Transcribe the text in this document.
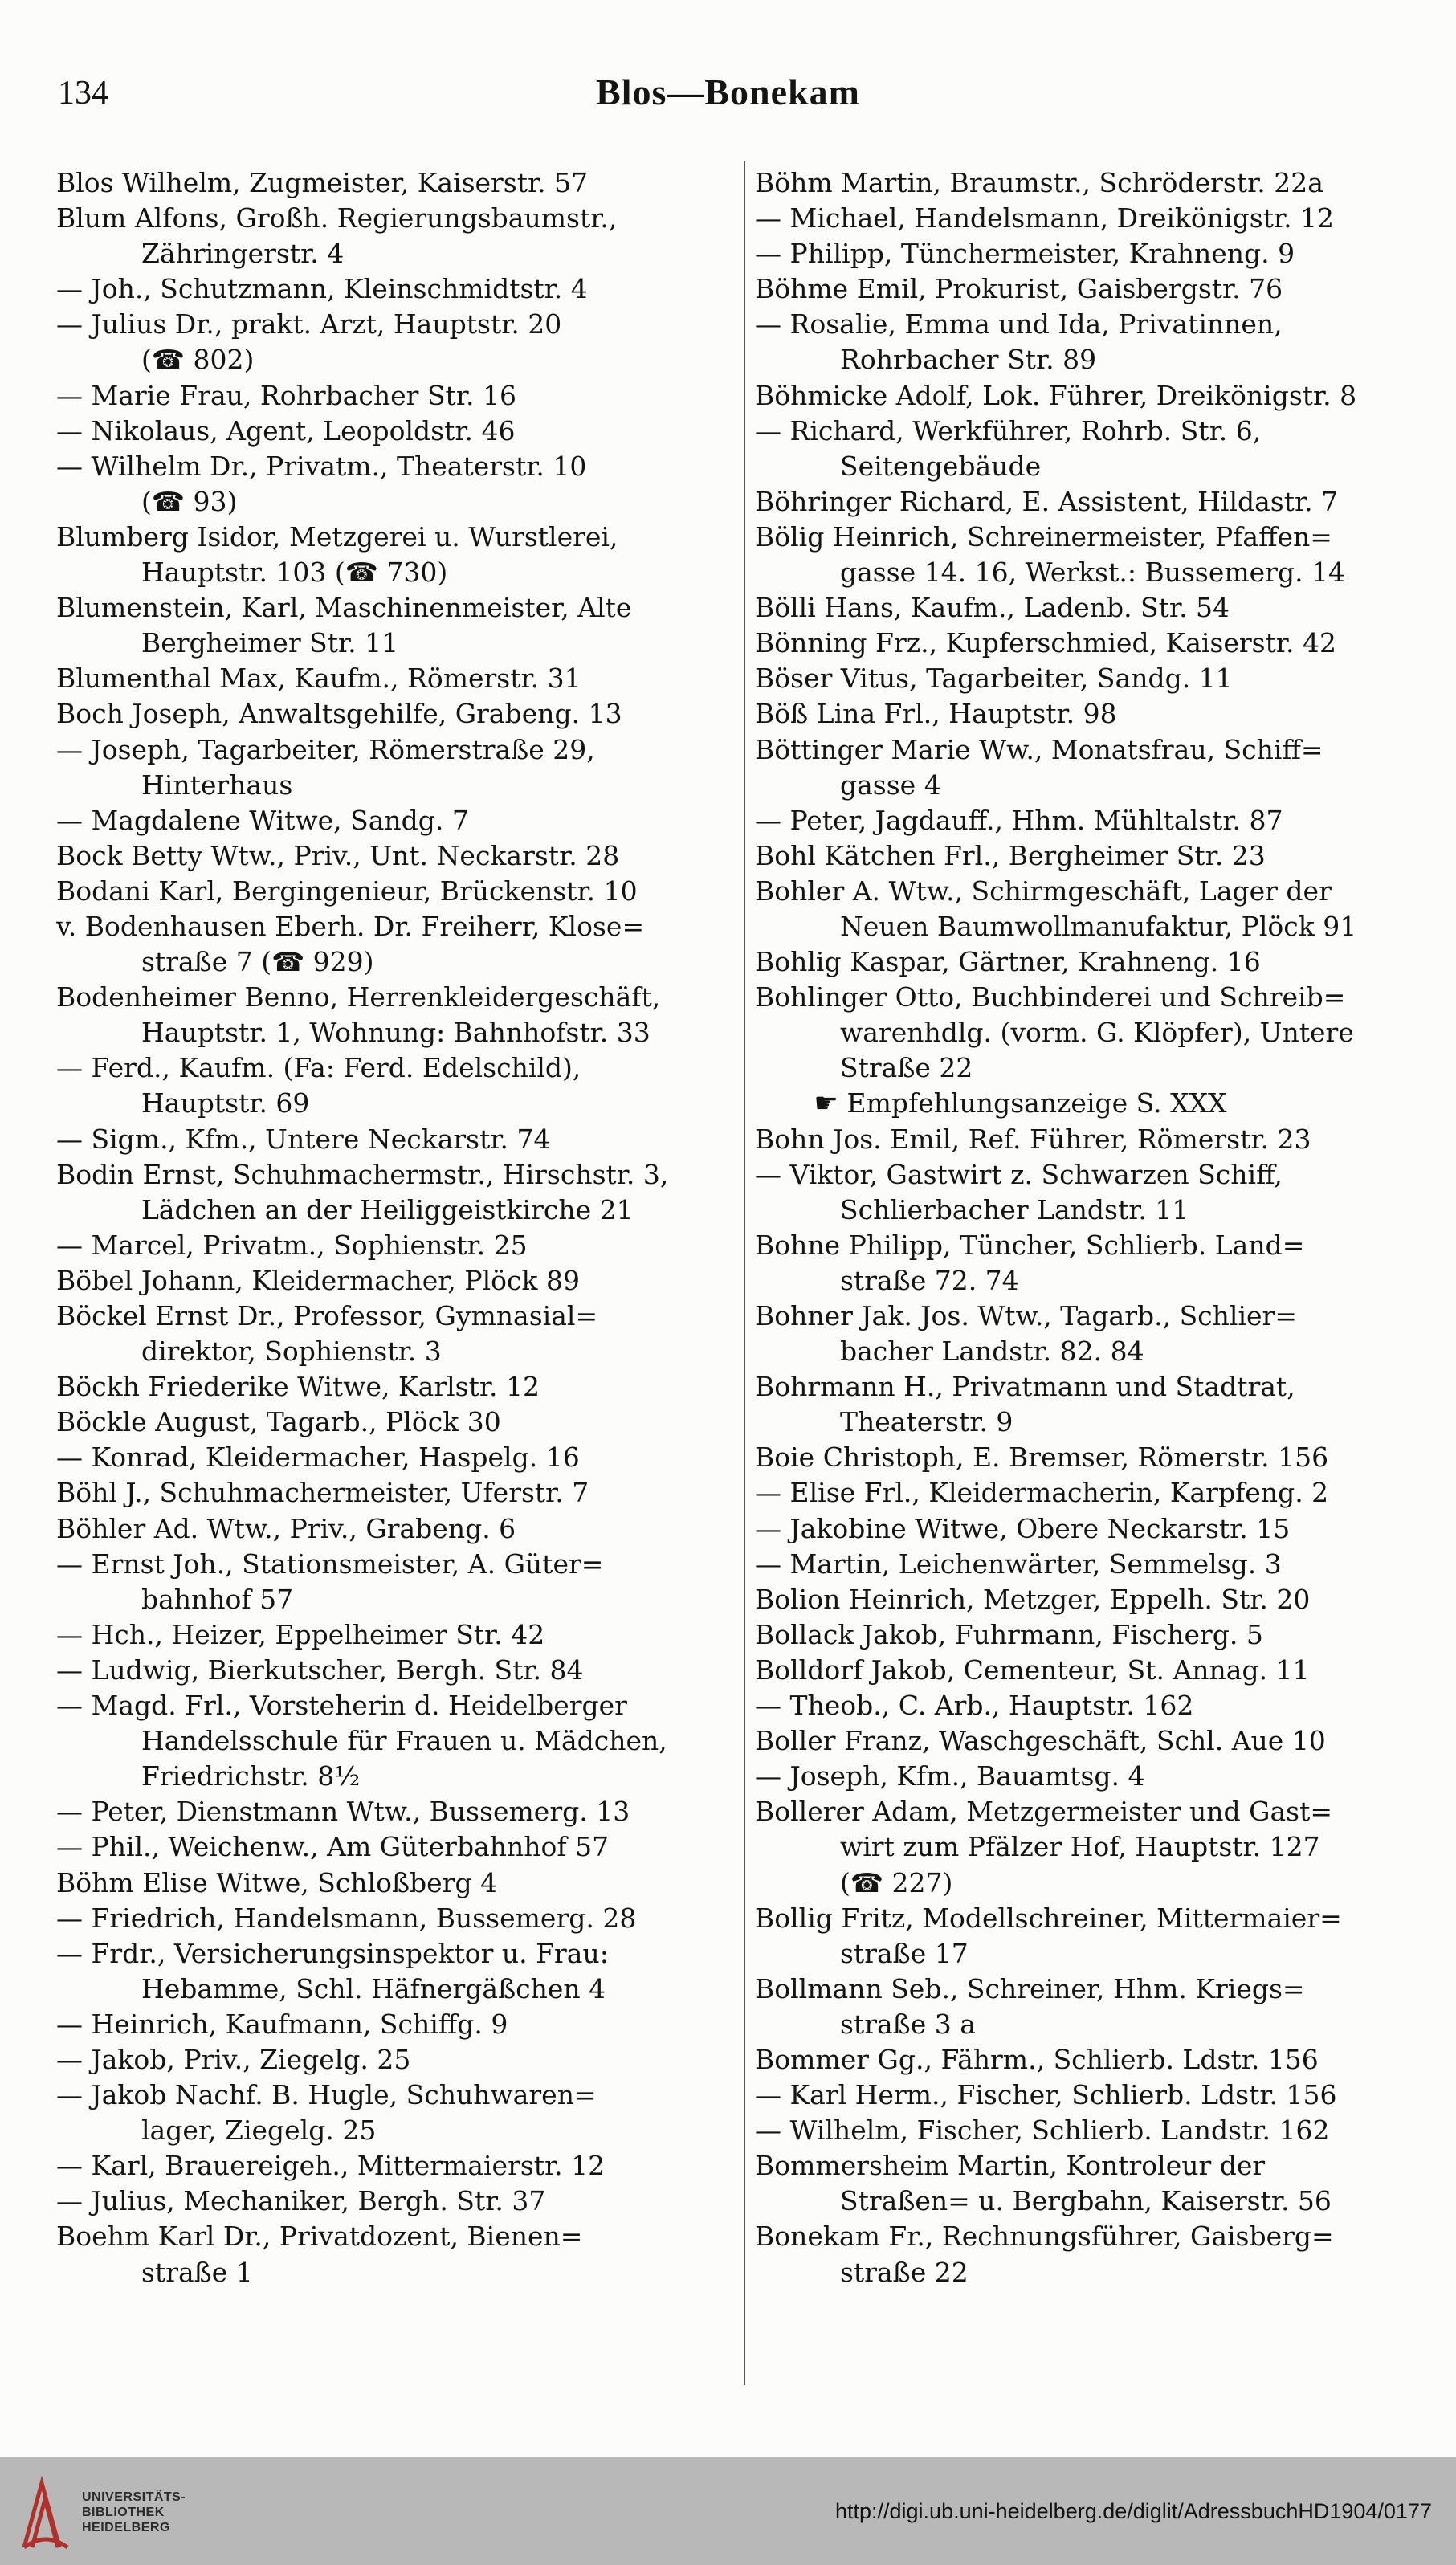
134	Blos—Bonekam
Blos Wilhelm, Zugmeister, Kaiserstr. 57
Blum Alfons, Großh. Regierungsbaumstr.,
Zähringerstr. 4
— Joh., Schutzmann, Kleinschmidtstr. 4
— Julius Dr., prakt. Arzt, Hauptstr. 20
(☎ 802)
— Marie Frau, Rohrbacher Str. 16
— Nikolaus, Agent, Leopoldstr. 46
— Wilhelm Dr., Privatm., Theaterstr. 10
(☎ 93)
Blumberg Isidor, Metzgerei u. Wurstlerei,
Hauptstr. 103 (☎ 730)
Blumenstein, Karl, Maschinenmeister, Alte
Bergheimer Str. 11
Blumenthal Max, Kaufm., Römerstr. 31
Boch Joseph, Anwaltsgehilfe, Grabeng. 13
— Joseph, Tagarbeiter, Römerstraße 29,
Hinterhaus
— Magdalene Witwe, Sandg. 7
Bock Betty Wtw., Priv., Unt. Neckarstr. 28
Bodani Karl, Bergingenieur, Brückenstr. 10
v. Bodenhausen Eberh. Dr. Freiherr, Klose=
straße 7 (☎ 929)
Bodenheimer Benno, Herrenkleidergeschäft,
Hauptstr. 1, Wohnung: Bahnhofstr. 33
— Ferd., Kaufm. (Fa: Ferd. Edelschild),
Hauptstr. 69
— Sigm., Kfm., Untere Neckarstr. 74
Bodin Ernst, Schuhmachermstr., Hirschstr. 3,
Lädchen an der Heiliggeistkirche 21
— Marcel, Privatm., Sophienstr. 25
Böbel Johann, Kleidermacher, Plöck 89
Böckel Ernst Dr., Professor, Gymnasial=
direktor, Sophienstr. 3
Böckh Friederike Witwe, Karlstr. 12
Böckle August, Tagarb., Plöck 30
— Konrad, Kleidermacher, Haspelg. 16
Böhl J., Schuhmachermeister, Uferstr. 7
Böhler Ad. Wtw., Priv., Grabeng. 6
— Ernst Joh., Stationsmeister, A. Güter=
bahnhof 57
— Hch., Heizer, Eppelheimer Str. 42
— Ludwig, Bierkutscher, Bergh. Str. 84
— Magd. Frl., Vorsteherin d. Heidelberger
Handelsschule für Frauen u. Mädchen,
Friedrichstr. 8½
— Peter, Dienstmann Wtw., Bussemerg. 13
— Phil., Weichenw., Am Güterbahnhof 57
Böhm Elise Witwe, Schloßberg 4
— Friedrich, Handelsmann, Bussemerg. 28
— Frdr., Versicherungsinspektor u. Frau:
Hebamme, Schl. Häfnergäßchen 4
— Heinrich, Kaufmann, Schiffg. 9
— Jakob, Priv., Ziegelg. 25
— Jakob Nachf. B. Hugle, Schuhwaren=
lager, Ziegelg. 25
— Karl, Brauereigeh., Mittermaierstr. 12
— Julius, Mechaniker, Bergh. Str. 37
Boehm Karl Dr., Privatdozent, Bienen=
straße 1
Böhm Martin, Braumstr., Schröderstr. 22a
— Michael, Handelsmann, Dreikönigstr. 12
— Philipp, Tünchermeister, Krahneng. 9
Böhme Emil, Prokurist, Gaisbergstr. 76
— Rosalie, Emma und Ida, Privatinnen,
Rohrbacher Str. 89
Böhmicke Adolf, Lok. Führer, Dreikönigstr. 8
— Richard, Werkführer, Rohrb. Str. 6,
Seitengebäude
Böhringer Richard, E. Assistent, Hildastr. 7
Bölig Heinrich, Schreinermeister, Pfaffen=
gasse 14. 16, Werkst.: Bussemerg. 14
Bölli Hans, Kaufm., Ladenb. Str. 54
Bönning Frz., Kupferschmied, Kaiserstr. 42
Böser Vitus, Tagarbeiter, Sandg. 11
Böß Lina Frl., Hauptstr. 98
Böttinger Marie Ww., Monatsfrau, Schiff=
gasse 4
— Peter, Jagdauff., Hhm. Mühltalstr. 87
Bohl Kätchen Frl., Bergheimer Str. 23
Bohler A. Wtw., Schirmgeschäft, Lager der
Neuen Baumwollmanufaktur, Plöck 91
Bohlig Kaspar, Gärtner, Krahneng. 16
Bohlinger Otto, Buchbinderei und Schreib=
warenhdlg. (vorm. G. Klöpfer), Untere
Straße 22
☛ Empfehlungsanzeige S. XXX
Bohn Jos. Emil, Ref. Führer, Römerstr. 23
— Viktor, Gastwirt z. Schwarzen Schiff,
Schlierbacher Landstr. 11
Bohne Philipp, Tüncher, Schlierb. Land=
straße 72. 74
Bohner Jak. Jos. Wtw., Tagarb., Schlier=
bacher Landstr. 82. 84
Bohrmann H., Privatmann und Stadtrat,
Theaterstr. 9
Boie Christoph, E. Bremser, Römerstr. 156
— Elise Frl., Kleidermacherin, Karpfeng. 2
— Jakobine Witwe, Obere Neckarstr. 15
— Martin, Leichenwärter, Semmelsg. 3
Bolion Heinrich, Metzger, Eppelh. Str. 20
Bollack Jakob, Fuhrmann, Fischerg. 5
Bolldorf Jakob, Cementeur, St. Annag. 11
— Theob., C. Arb., Hauptstr. 162
Boller Franz, Waschgeschäft, Schl. Aue 10
— Joseph, Kfm., Bauamtsg. 4
Bollerer Adam, Metzgermeister und Gast=
wirt zum Pfälzer Hof, Hauptstr. 127
(☎ 227)
Bollig Fritz, Modellschreiner, Mittermaier=
straße 17
Bollmann Seb., Schreiner, Hhm. Kriegs=
straße 3 a
Bommer Gg., Fährm., Schlierb. Ldstr. 156
— Karl Herm., Fischer, Schlierb. Ldstr. 156
— Wilhelm, Fischer, Schlierb. Landstr. 162
Bommersheim Martin, Kontroleur der
Straßen= u. Bergbahn, Kaiserstr. 56
Bonekam Fr., Rechnungsführer, Gaisberg=
straße 22
UNIVERSITÄTS-
BIBLIOTHEK
HEIDELBERG
http://digi.ub.uni-heidelberg.de/diglit/AdressbuchHD1904/0177
